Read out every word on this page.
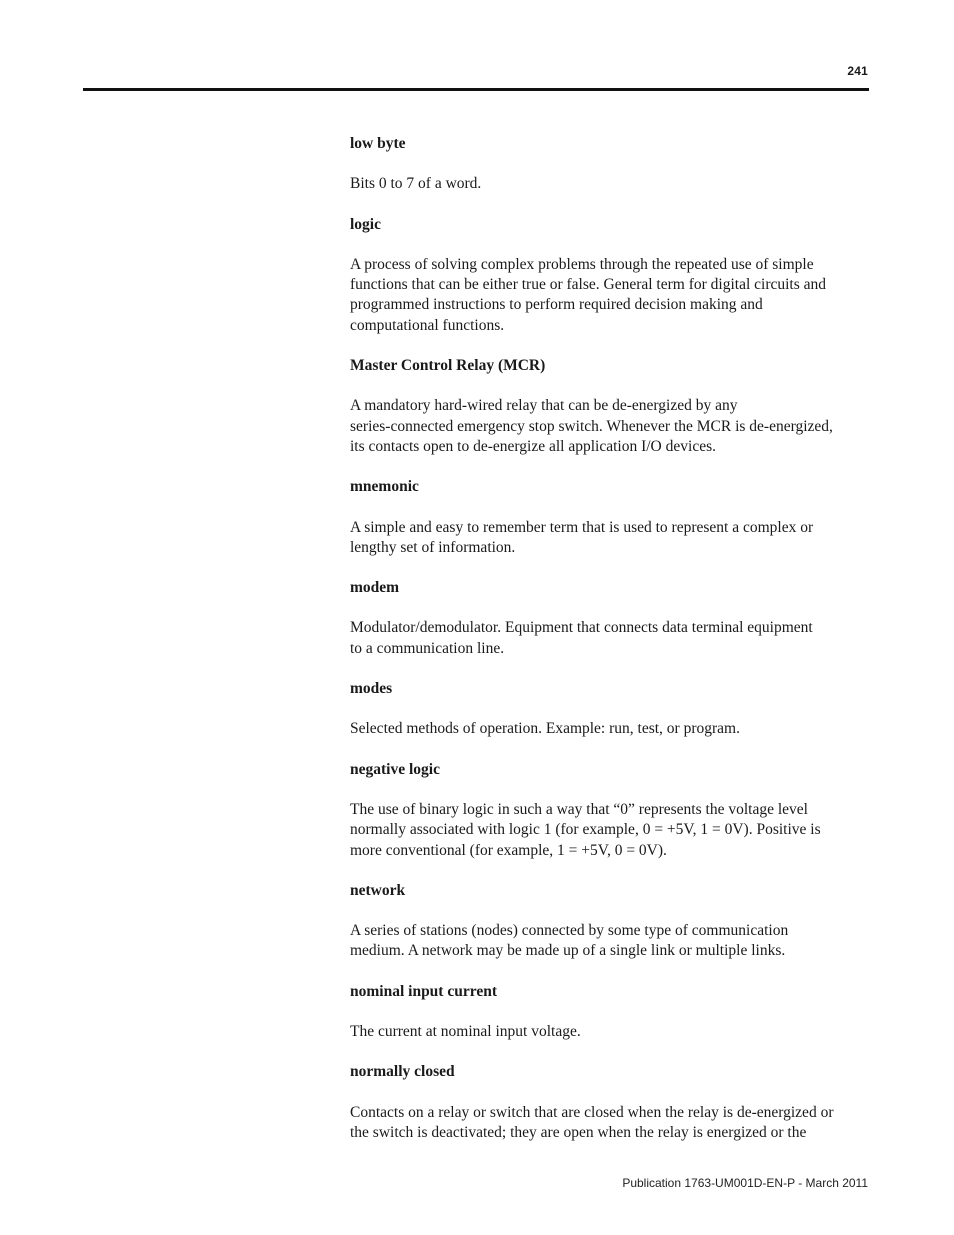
241

low byte

Bits 0 to 7 of a word.

logic

A process of solving complex problems through the repeated use of simple
functions that can be either true or false. General term for digital circuits and
programmed instructions to perform required decision making and
computational functions.

Master Control Relay (MCR)

A mandatory hard-wired relay that can be de-energized by any
series-connected emergency stop switch. Whenever the MCR is de-energized,
its contacts open to de-energize all application I/O devices.

mnemonic

A simple and easy to remember term that is used to represent a complex or
lengthy set of information.

modem

Modulator/demodulator. Equipment that connects data terminal equipment
to a communication line.

modes

Selected methods of operation. Example: run, test, or program.

negative logic

The use of binary logic in such a way that “0” represents the voltage level
normally associated with logic 1 (for example, 0 = +5V, 1 = 0V). Positive is
more conventional (for example, 1 = +5V, 0 = 0V).

network

A series of stations (nodes) connected by some type of communication
medium. A network may be made up of a single link or multiple links.

nominal input current

The current at nominal input voltage.

normally closed

Contacts on a relay or switch that are closed when the relay is de-energized or
the switch is deactivated; they are open when the relay is energized or the

Publication 1763-UM001D-EN-P - March 2011
